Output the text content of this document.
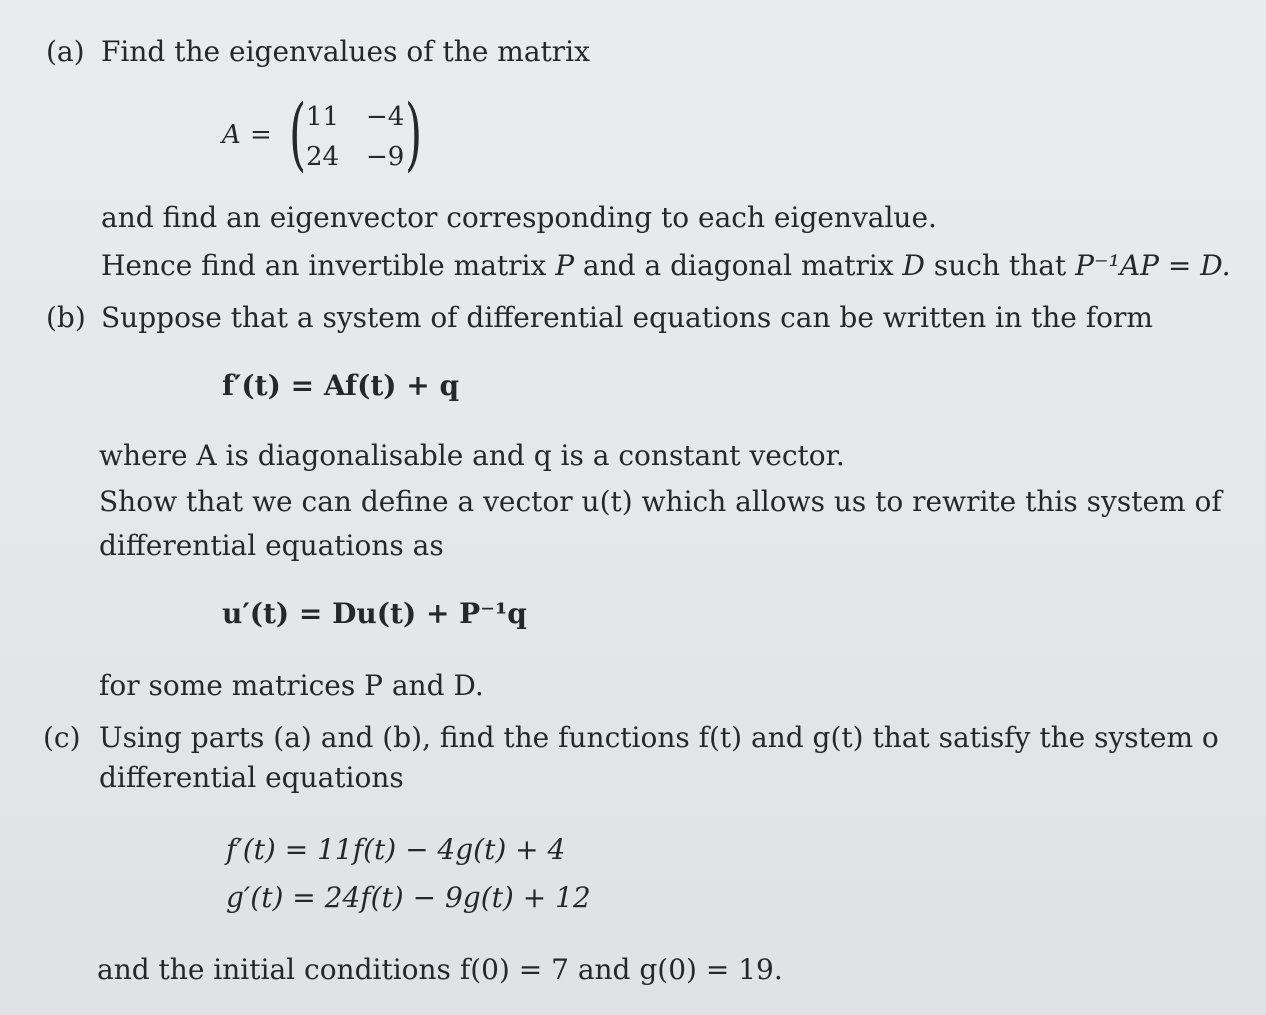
(a) Find the eigenvalues of the matrix
A = ( 11 −4
24 −9 )
and find an eigenvector corresponding to each eigenvalue.
Hence find an invertible matrix P and a diagonal matrix D such that P⁻¹AP = D.
(b) Suppose that a system of differential equations can be written in the form
f′(t) = Af(t) + q
where A is diagonalisable and q is a constant vector.
Show that we can define a vector u(t) which allows us to rewrite this system of
differential equations as
u′(t) = Du(t) + P⁻¹q
for some matrices P and D.
(c) Using parts (a) and (b), find the functions f(t) and g(t) that satisfy the system o
differential equations
f′(t) = 11f(t) − 4g(t) + 4
g′(t) = 24f(t) − 9g(t) + 12
and the initial conditions f(0) = 7 and g(0) = 19.
